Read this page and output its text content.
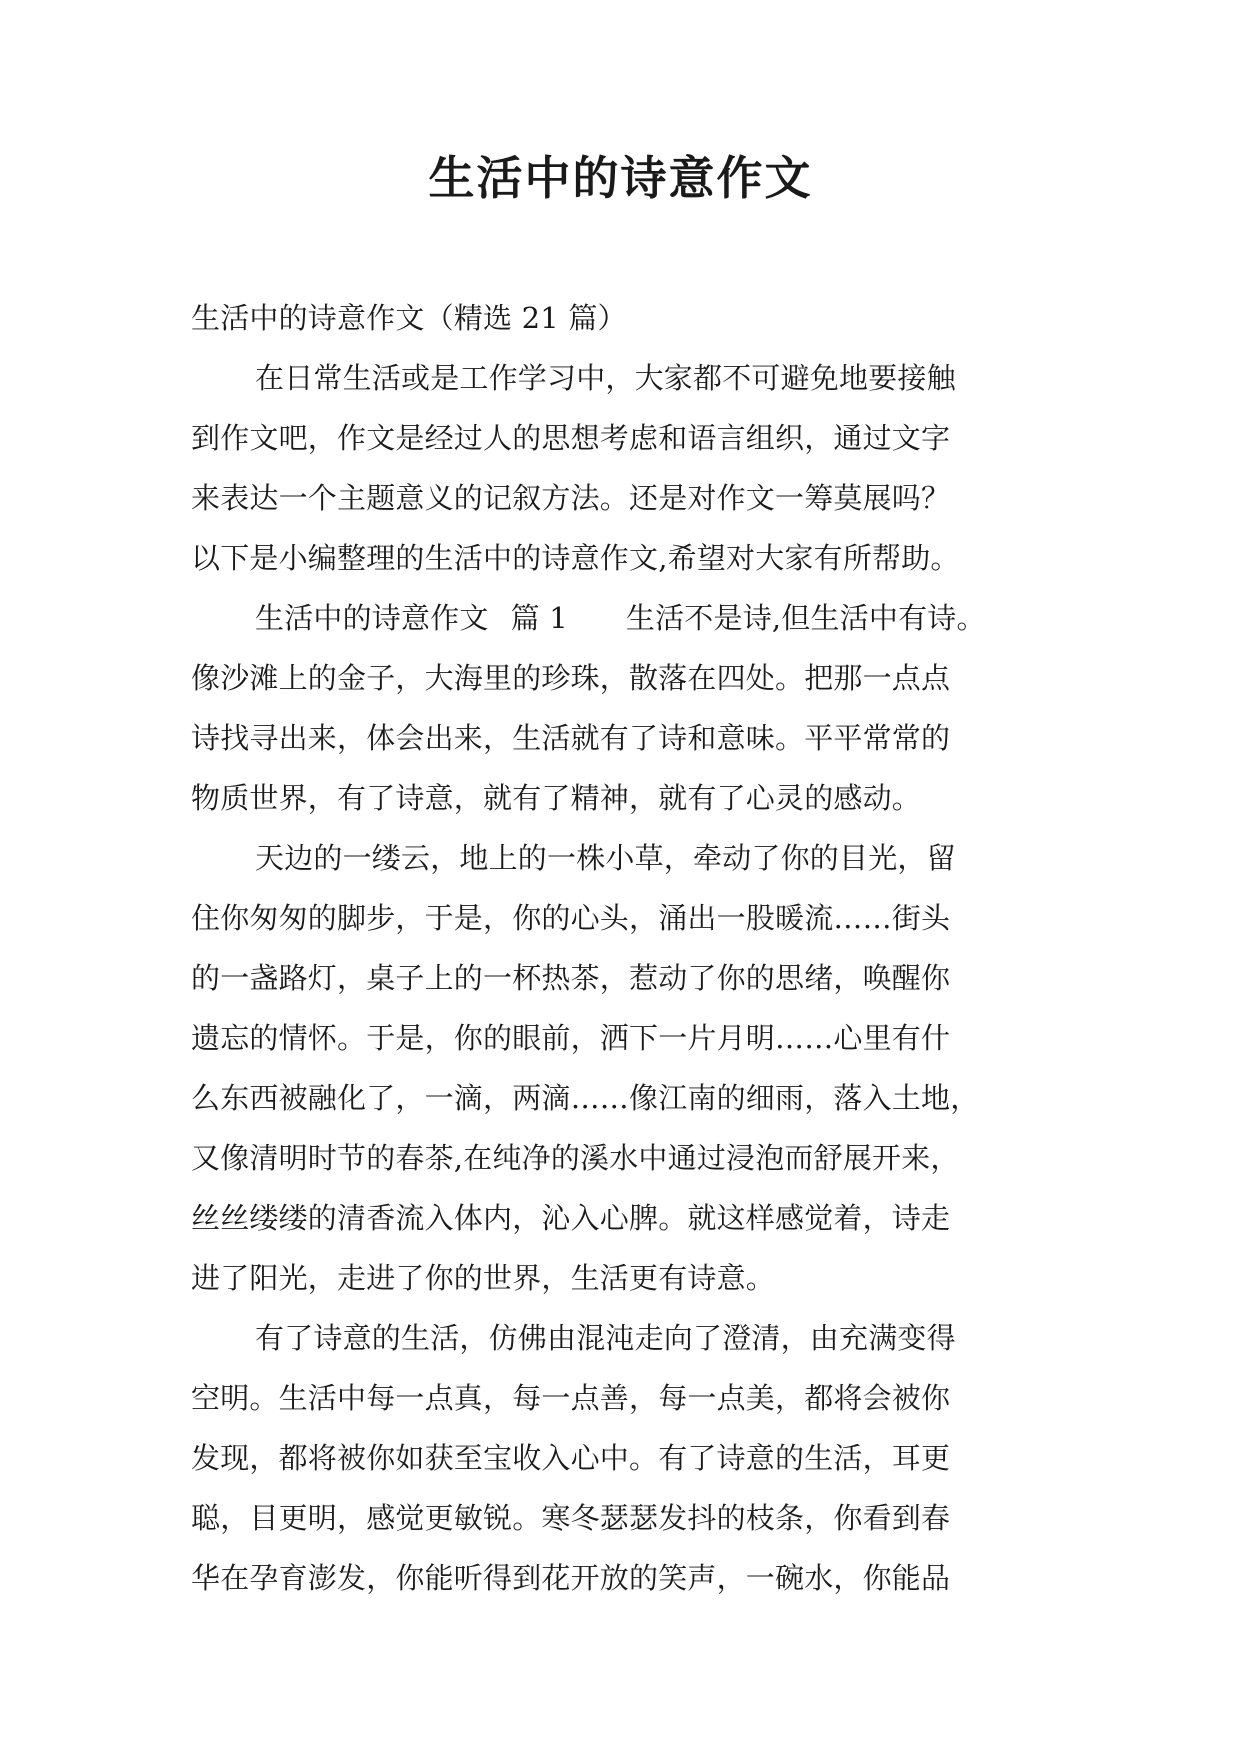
生活中的诗意作文
生活中的诗意作文（精选 21 篇）
在日常生活或是工作学习中，大家都不可避免地要接触
到作文吧，作文是经过人的思想考虑和语言组织，通过文字
来表达一个主题意义的记叙方法。还是对作文一筹莫展吗？
以下是小编整理的生活中的诗意作文,希望对大家有所帮助。
生活中的诗意作文 篇 1 生活不是诗,但生活中有诗。
像沙滩上的金子，大海里的珍珠，散落在四处。把那一点点
诗找寻出来，体会出来，生活就有了诗和意味。平平常常的
物质世界，有了诗意，就有了精神，就有了心灵的感动。
天边的一缕云，地上的一株小草，牵动了你的目光，留
住你匆匆的脚步，于是，你的心头，涌出一股暖流……街头
的一盏路灯，桌子上的一杯热茶，惹动了你的思绪，唤醒你
遗忘的情怀。于是，你的眼前，洒下一片月明……心里有什
么东西被融化了，一滴，两滴……像江南的细雨，落入土地，
又像清明时节的春茶,在纯净的溪水中通过浸泡而舒展开来，
丝丝缕缕的清香流入体内，沁入心脾。就这样感觉着，诗走
进了阳光，走进了你的世界，生活更有诗意。
有了诗意的生活，仿佛由混沌走向了澄清，由充满变得
空明。生活中每一点真，每一点善，每一点美，都将会被你
发现，都将被你如获至宝收入心中。有了诗意的生活，耳更
聪，目更明，感觉更敏锐。寒冬瑟瑟发抖的枝条，你看到春
华在孕育澎发，你能听得到花开放的笑声，一碗水，你能品
